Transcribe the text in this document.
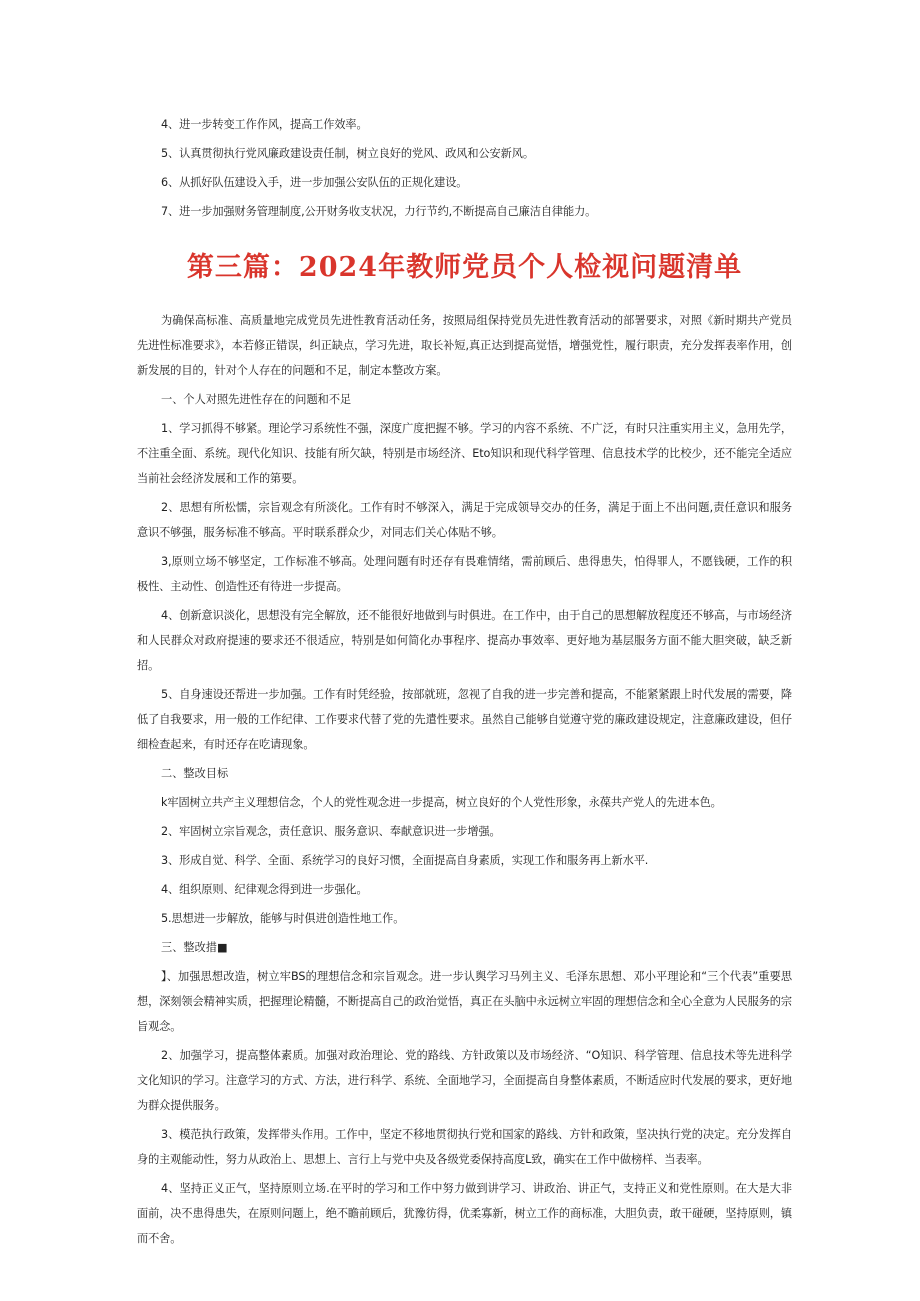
4、进一步转变工作作风，提高工作效率。

5、认真贯彻执行党风廉政建设责任制，树立良好的党风、政风和公安新风。

6、从抓好队伍建设入手，进一步加强公安队伍的正规化建设。

7、进一步加强财务管理制度,公开财务收支状况，力行节约,不断提高自己廉洁自律能力。

第三篇：2024年教师党员个人检视问题清单

为确保高标准、高质量地完成党员先进性教育活动任务，按照局组保持党员先进性教育活动的部署要求，对照《新时期共产党员先进性标准要求》，本若修正错误，纠正缺点，学习先进，取长补短,真正达到提高觉悟，增强党性，履行职责，充分发挥表率作用，创新发展的目的，针对个人存在的问题和不足，制定本整改方案。

一、个人对照先进性存在的问题和不足

1、学习抓得不够紧。理论学习系统性不强，深度广度把握不够。学习的内容不系统、不广泛，有时只注重实用主义，急用先学，不注重全面、系统。现代化知识、技能有所欠缺，特别是市场经济、Eto知识和现代科学管理、信息技术学的比校少，还不能完全适应当前社会经济发展和工作的第要。

2、思想有所松懦，宗旨观念有所淡化。工作有时不够深入，满足于完成领导交办的任务，满足于面上不出问题,责任意识和服务意识不够强，服务标准不够高。平时联系群众少，对同志们关心体贴不够。

3,原则立场不够坚定，工作标准不够高。处理问题有时还存有畏难情绪，需前顾后、患得患失，怕得罪人，不愿钱硬，工作的积极性、主动性、创造性还有待进一步提高。

4、创新意识淡化，思想没有完全解放，还不能很好地做到与时俱进。在工作中，由于自己的思想解放程度还不够高，与市场经济和人民群众对政府提速的要求还不很适应，特别是如何简化办事程序、提高办事效率、更好地为基层服务方面不能大胆突破，缺乏新招。

5、自身速设还帮进一步加强。工作有时凭经验，按部就班，忽视了自我的进一步完善和提高，不能紧紧跟上时代发展的需要，降低了自我要求，用一般的工作纪律、工作要求代替了党的先遣性要求。虽然自己能够自觉遵守党的廉政建设规定，注意廉政建设，但仔细检查起来，有时还存在吃请现象。

二、整改目标

k牢固树立共产主义理想信念，个人的党性观念进一步提高，树立良好的个人党性形象，永葆共产党人的先进本色。

2、牢固树立宗旨观念，责任意识、服务意识、奉献意识进一步增强。

3、形成自觉、科学、全面、系统学习的良好习惯，全面提高自身素质，实现工作和服务再上新水平.

4、组织原则、纪律观念得到进一步强化。

5.思想进一步解放，能够与时俱进创造性地工作。

三、整改措■

】、加强思想改造，树立牢BS的理想信念和宗旨观念。进一步认舆学习马列主义、毛泽东思想、邓小平理论和“三个代表”重要思想，深刻领会精神实质，把握理论精髓，不断提高自己的政治觉悟，真正在头脑中永远树立牢固的理想信念和全心全意为人民服务的宗旨观念。

2、加强学习，提高整体素质。加强对政治理论、党的路线、方针政策以及市场经济、“O知识、科学管理、信息技术等先进科学文化知识的学习。注意学习的方式、方法，进行科学、系统、全面地学习，全面提高自身整体素质，不断适应时代发展的要求，更好地为群众提供服务。

3、模范执行政策，发挥带头作用。工作中，坚定不移地贯彻执行党和国家的路线、方针和政策，坚决执行党的决定。充分发挥自身的主观能动性，努力从政治上、思想上、言行上与党中央及各级党委保持高度L致，确实在工作中做榜样、当表率。

4、坚持正义正气，坚持原则立场.在平时的学习和工作中努力做到讲学习、讲政治、讲正气，支持正义和党性原则。在大是大非面前，决不患得患失，在原则问题上，绝不瞻前顾后，犹豫彷得，优柔寡新，树立工作的商标准，大胆负责，敢干碰硬，坚持原则，镇而不舍。
